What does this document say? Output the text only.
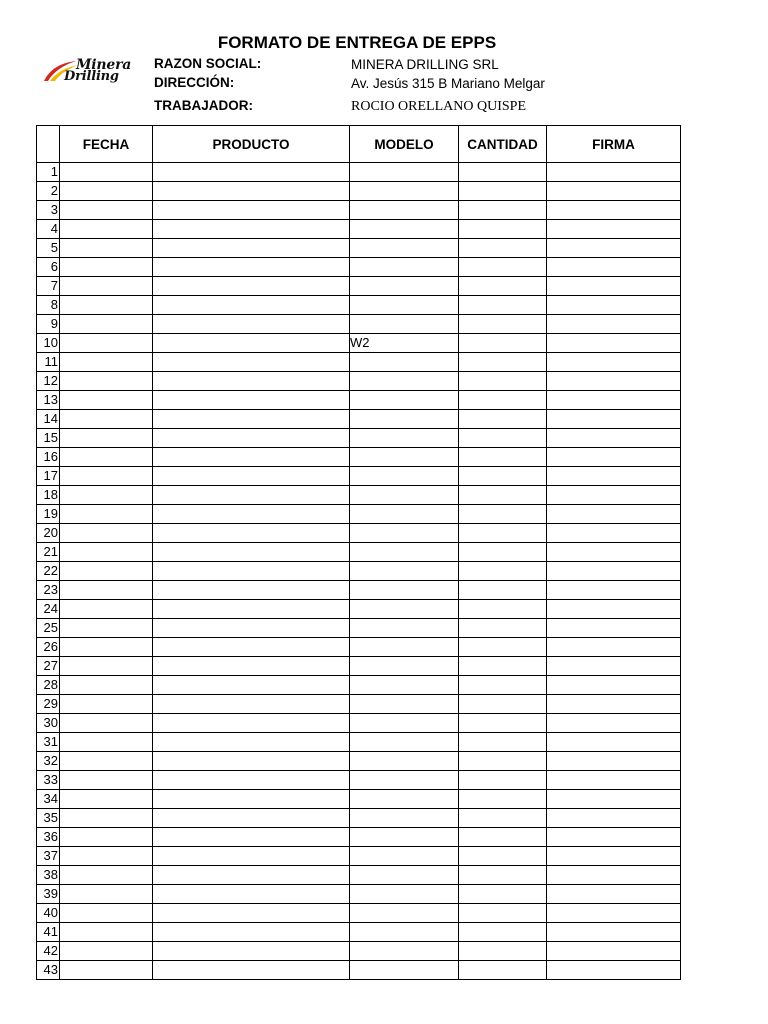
FORMATO DE ENTREGA DE EPPS
Minera
Drilling
RAZON SOCIAL:	MINERA DRILLING SRL
DIRECCIÓN:	Av. Jesús 315 B Mariano Melgar
TRABAJADOR:	ROCIO ORELLANO QUISPE
	FECHA	PRODUCTO	MODELO	CANTIDAD	FIRMA
1					
2					
3					
4					
5					
6					
7					
8					
9					
10			W2		
11					
12					
13					
14					
15					
16					
17					
18					
19					
20					
21					
22					
23					
24					
25					
26					
27					
28					
29					
30					
31					
32					
33					
34					
35					
36					
37					
38					
39					
40					
41					
42					
43					
